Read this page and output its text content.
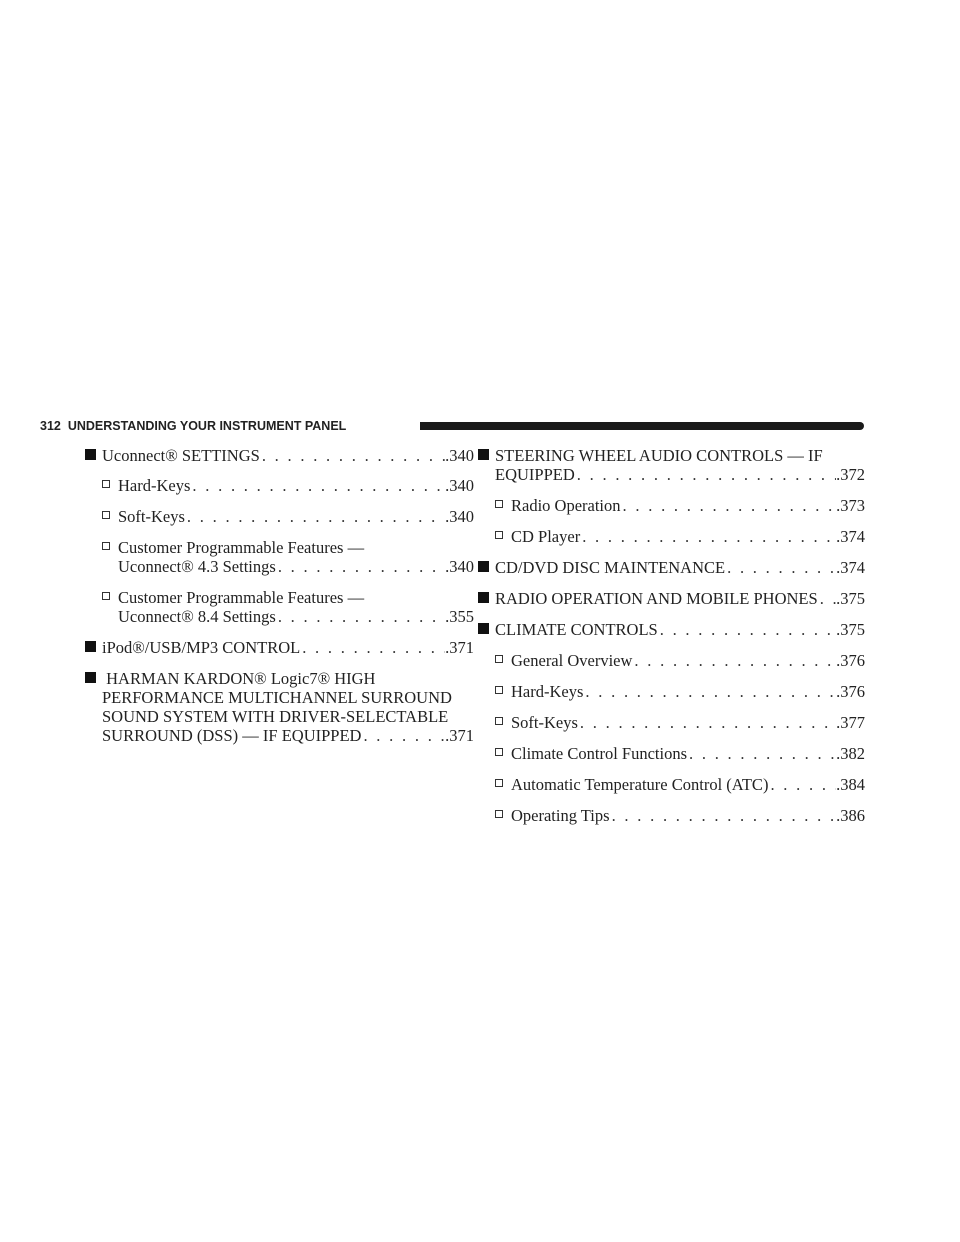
312 UNDERSTANDING YOUR INSTRUMENT PANEL
Uconnect® SETTINGS . . .	.340
Hard-Keys . . .	.340
Soft-Keys . . .	.340
Customer Programmable Features —
Uconnect® 4.3 Settings . . .	.340
Customer Programmable Features —
Uconnect® 8.4 Settings . . .	.355
iPod®/USB/MP3 CONTROL . . .	.371
HARMAN KARDON® Logic7® HIGH
PERFORMANCE MULTICHANNEL SURROUND
SOUND SYSTEM WITH DRIVER-SELECTABLE
SURROUND (DSS) — IF EQUIPPED . . .	.371
STEERING WHEEL AUDIO CONTROLS — IF
EQUIPPED . . .	.372
Radio Operation . . .	.373
CD Player . . .	.374
CD/DVD DISC MAINTENANCE . . .	.374
RADIO OPERATION AND MOBILE PHONES . . . .375
CLIMATE CONTROLS . . .	.375
General Overview . . .	.376
Hard-Keys . . .	.376
Soft-Keys . . .	.377
Climate Control Functions . . .	.382
Automatic Temperature Control (ATC) . . .	.384
Operating Tips . . .	.386
